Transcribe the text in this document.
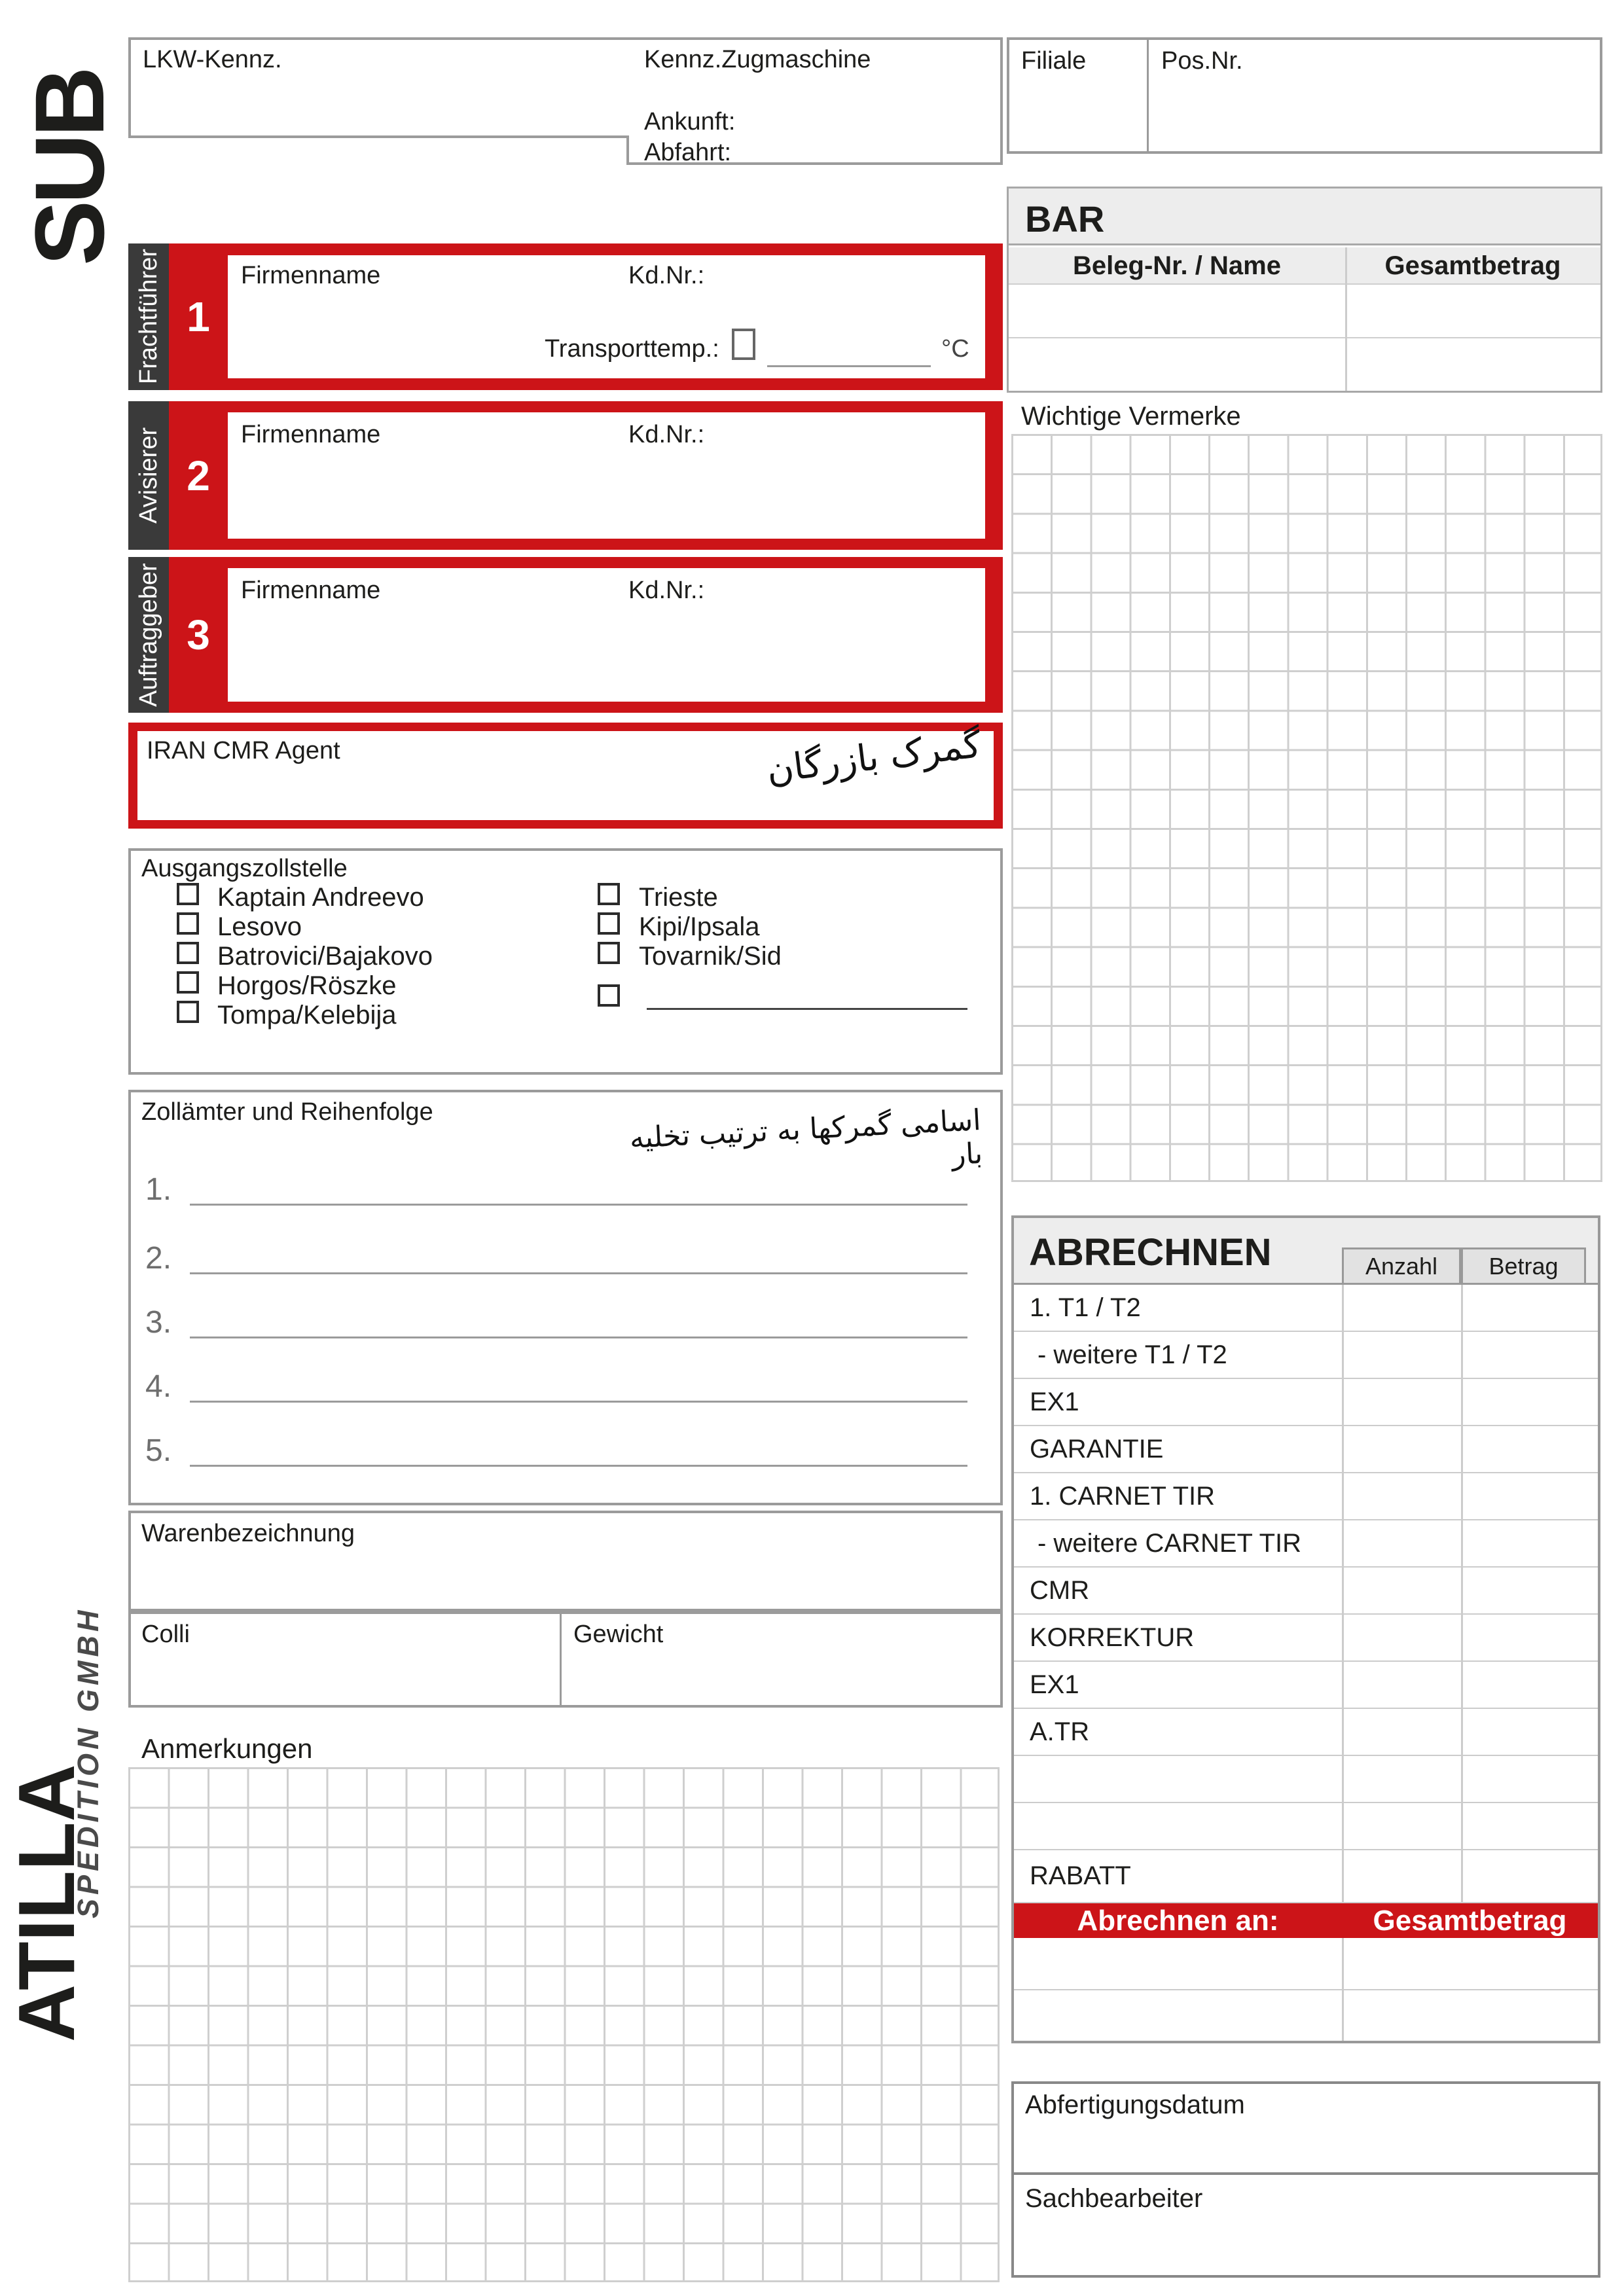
SUB
ATILLA
SPEDITION GMBH
LKW-Kennz.	Kennz.Zugmaschine
Ankunft:
Abfahrt:
Filiale	Pos.Nr.
BAR
Beleg-Nr. / Name	Gesamtbetrag
Wichtige Vermerke
Frachtführer 1
Firmenname	Kd.Nr.:
Transporttemp.:	°C
Avisierer 2
Firmenname	Kd.Nr.:
Auftraggeber 3
Firmenname	Kd.Nr.:
IRAN CMR Agent	گمرک بازرگان
Ausgangszollstelle
Kaptain Andreevo
Lesovo
Batrovici/Bajakovo
Horgos/Röszke
Tompa/Kelebija
Trieste
Kipi/Ipsala
Tovarnik/Sid
Zollämter und Reihenfolge	اسامی گمرکها به ترتیب تخلیه بار
1.
2.
3.
4.
5.
Warenbezeichnung
Colli	Gewicht
Anmerkungen
ABRECHNEN	Anzahl	Betrag
1. T1 / T2
- weitere T1 / T2
EX1
GARANTIE
1. CARNET TIR
- weitere CARNET TIR
CMR
KORREKTUR
EX1
A.TR
RABATT
Abrechnen an:	Gesamtbetrag
Abfertigungsdatum
Sachbearbeiter
